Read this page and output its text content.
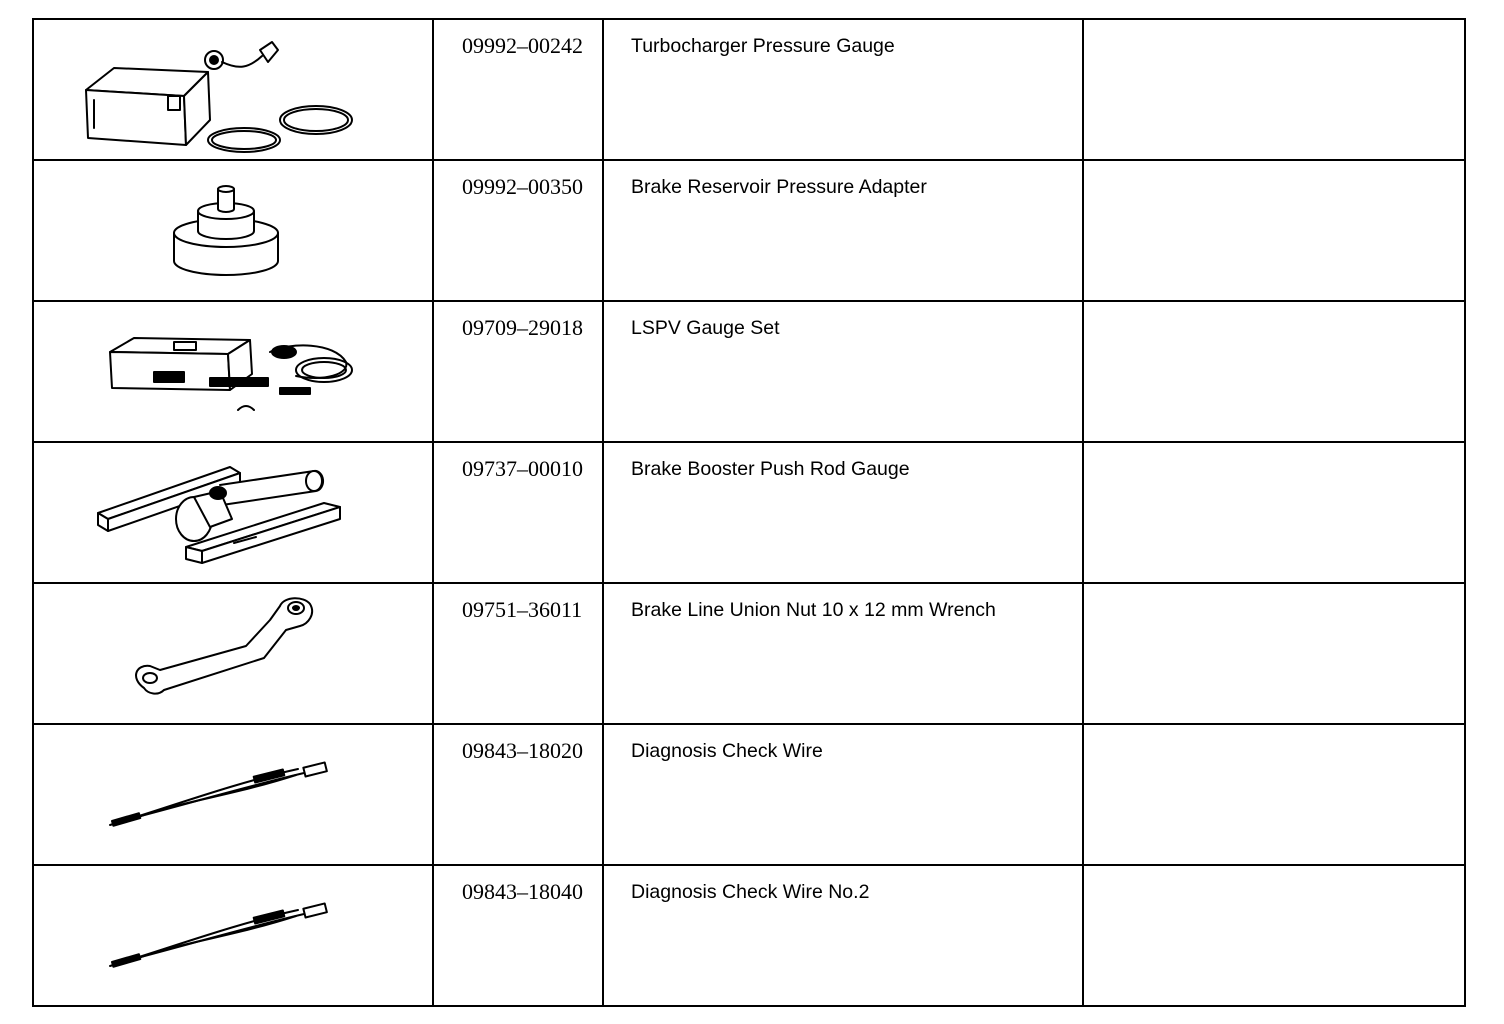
	09992–00242	Turbocharger Pressure Gauge	

	09992–00350	Brake Reservoir Pressure Adapter	

	09709–29018	LSPV Gauge Set	

	09737–00010	Brake Booster Push Rod Gauge	

	09751–36011	Brake Line Union Nut 10 x 12 mm Wrench	

	09843–18020	Diagnosis Check Wire	

	09843–18040	Diagnosis Check Wire No.2	
